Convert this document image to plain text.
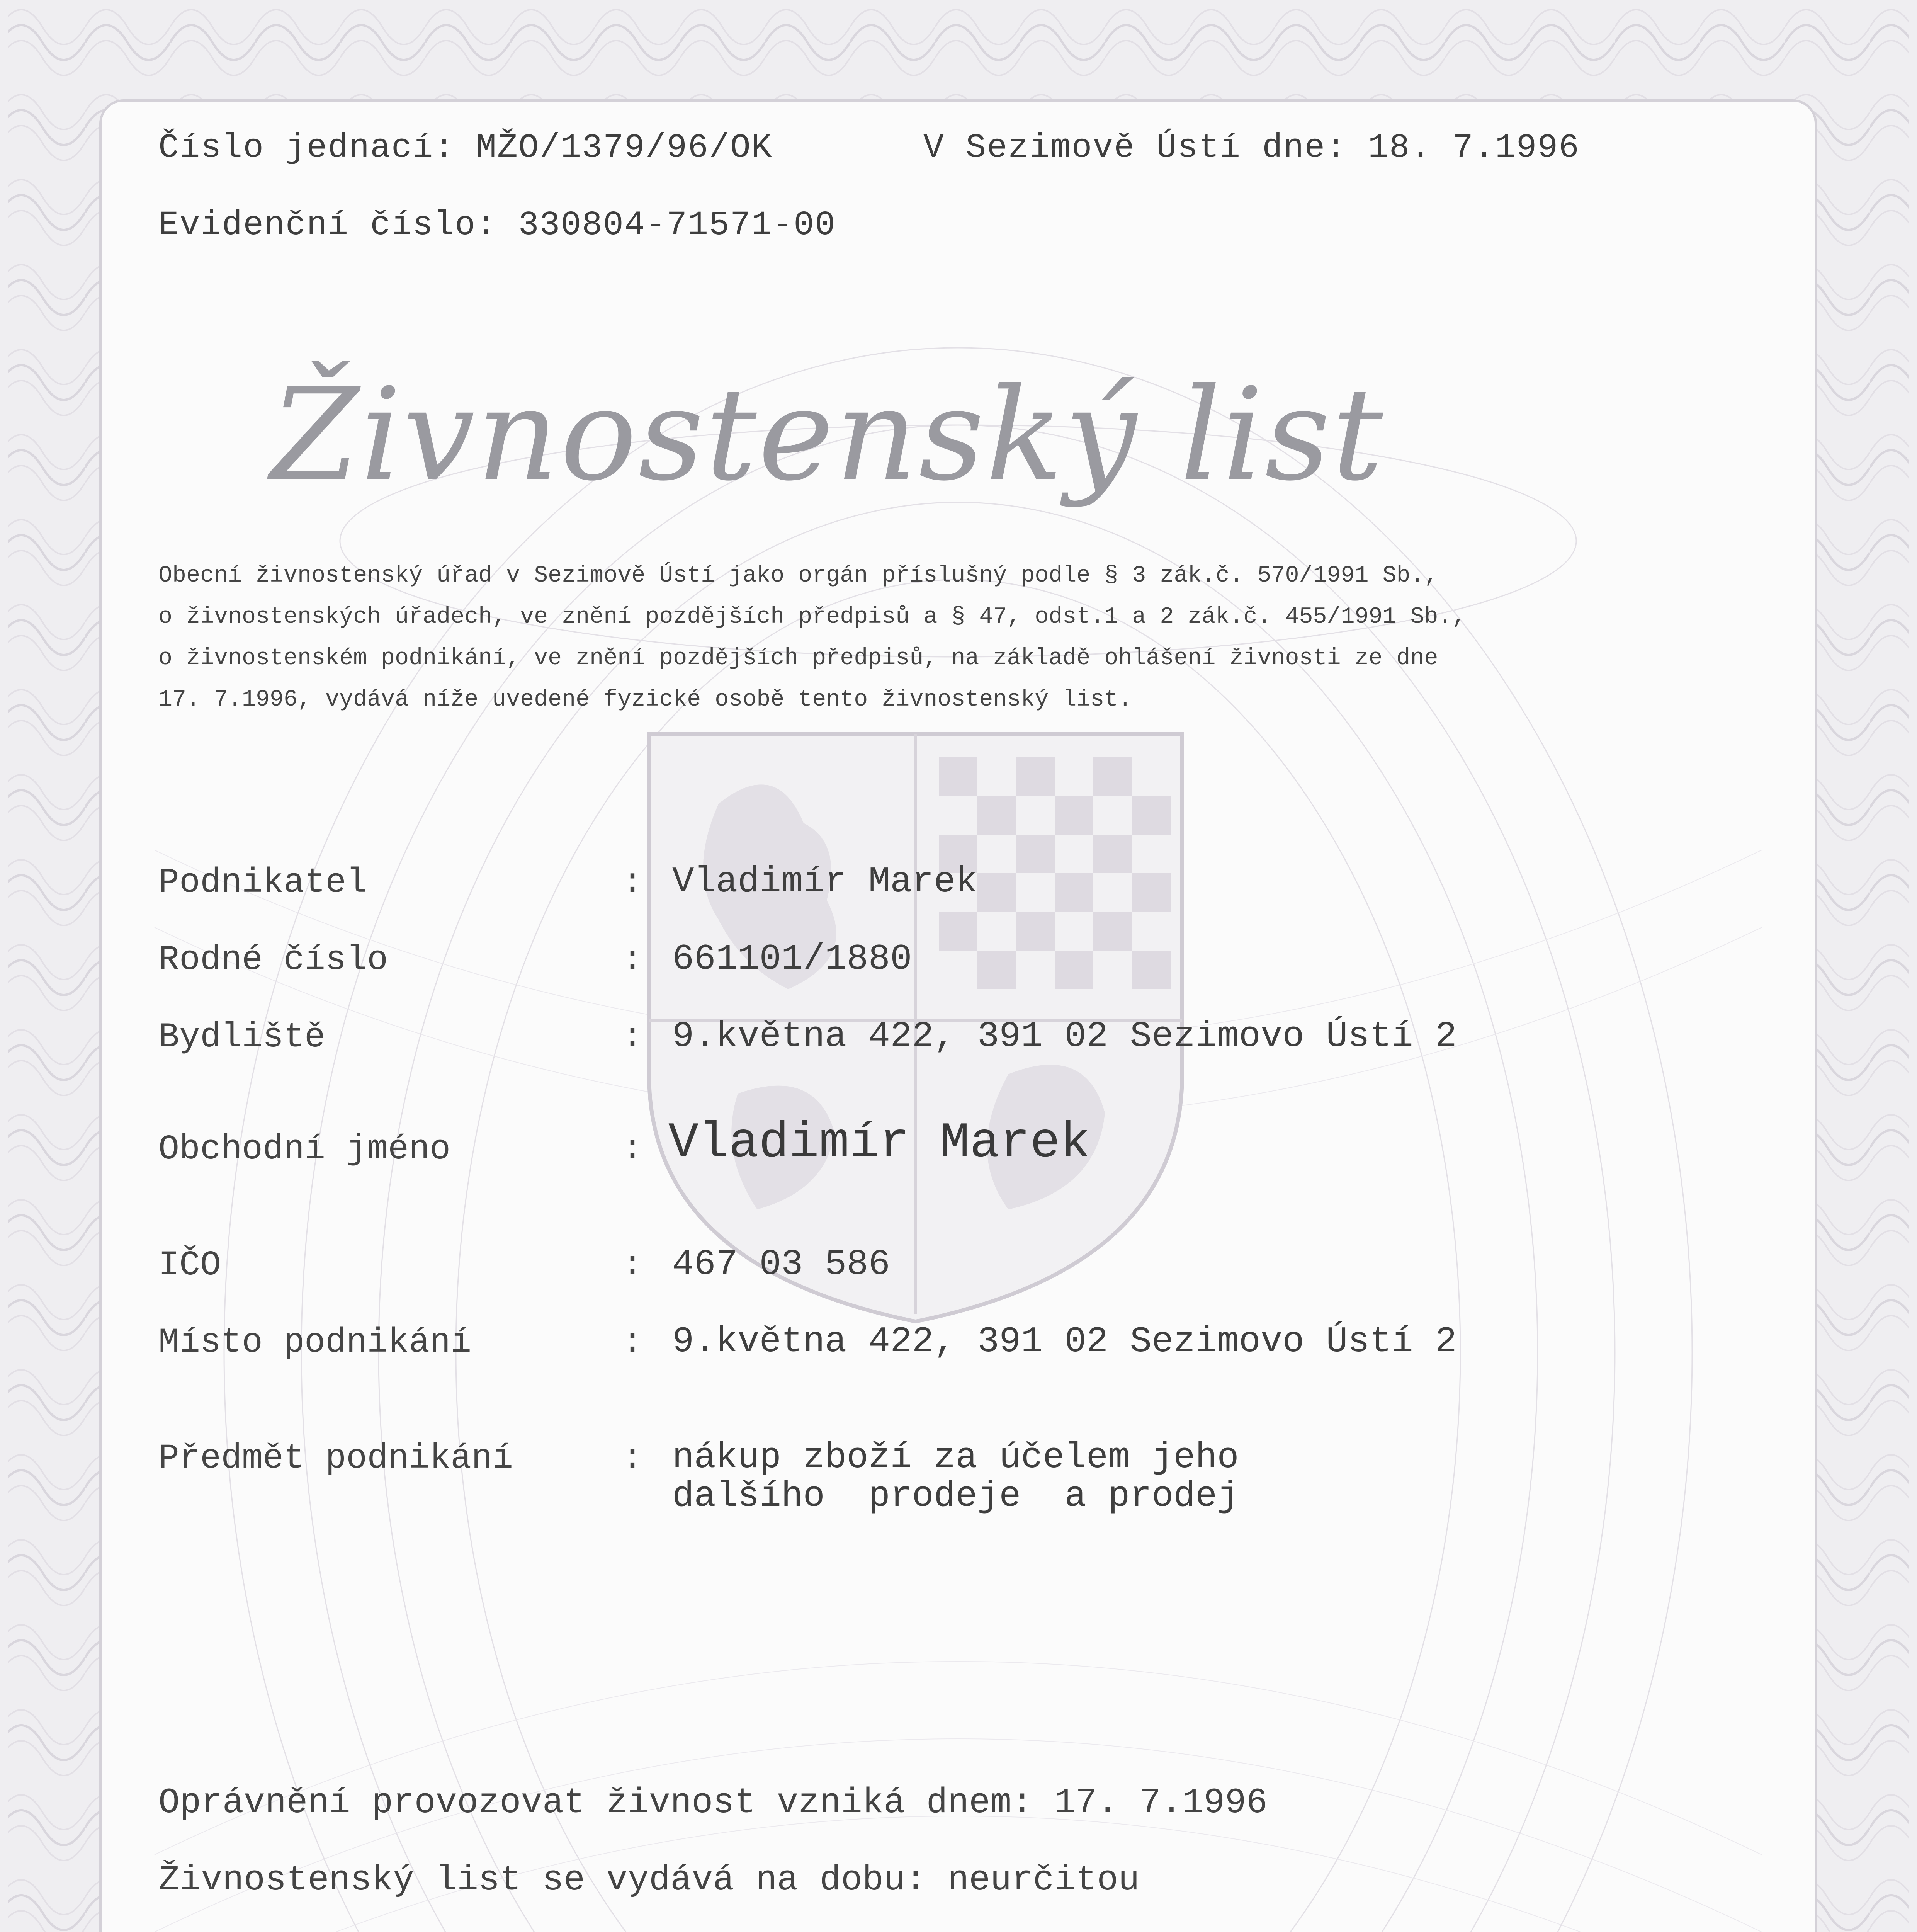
Číslo jednací: MŽO/1379/96/OK	V Sezimově Ústí dne: 18. 7.1996
Evidenční číslo: 330804-71571-00
Živnostenský list
Obecní živnostenský úřad v Sezimově Ústí jako orgán příslušný podle § 3 zák.č. 570/1991 Sb.,
o živnostenských úřadech, ve znění pozdějších předpisů a § 47, odst.1 a 2 zák.č. 455/1991 Sb.,
o živnostenském podnikání, ve znění pozdějších předpisů, na základě ohlášení živnosti ze dne
17. 7.1996, vydává níže uvedené fyzické osobě tento živnostenský list.
Podnikatel	: Vladimír Marek
Rodné číslo	: 661101/1880
Bydliště	: 9.května 422, 391 02 Sezimovo Ústí 2
Obchodní jméno	: Vladimír Marek
IČO	: 467 03 586
Místo podnikání	: 9.května 422, 391 02 Sezimovo Ústí 2
Předmět podnikání	: nákup zboží za účelem jeho
dalšího  prodeje  a prodej
Oprávnění provozovat živnost vzniká dnem: 17. 7.1996
Živnostenský list se vydává na dobu: neurčitou
